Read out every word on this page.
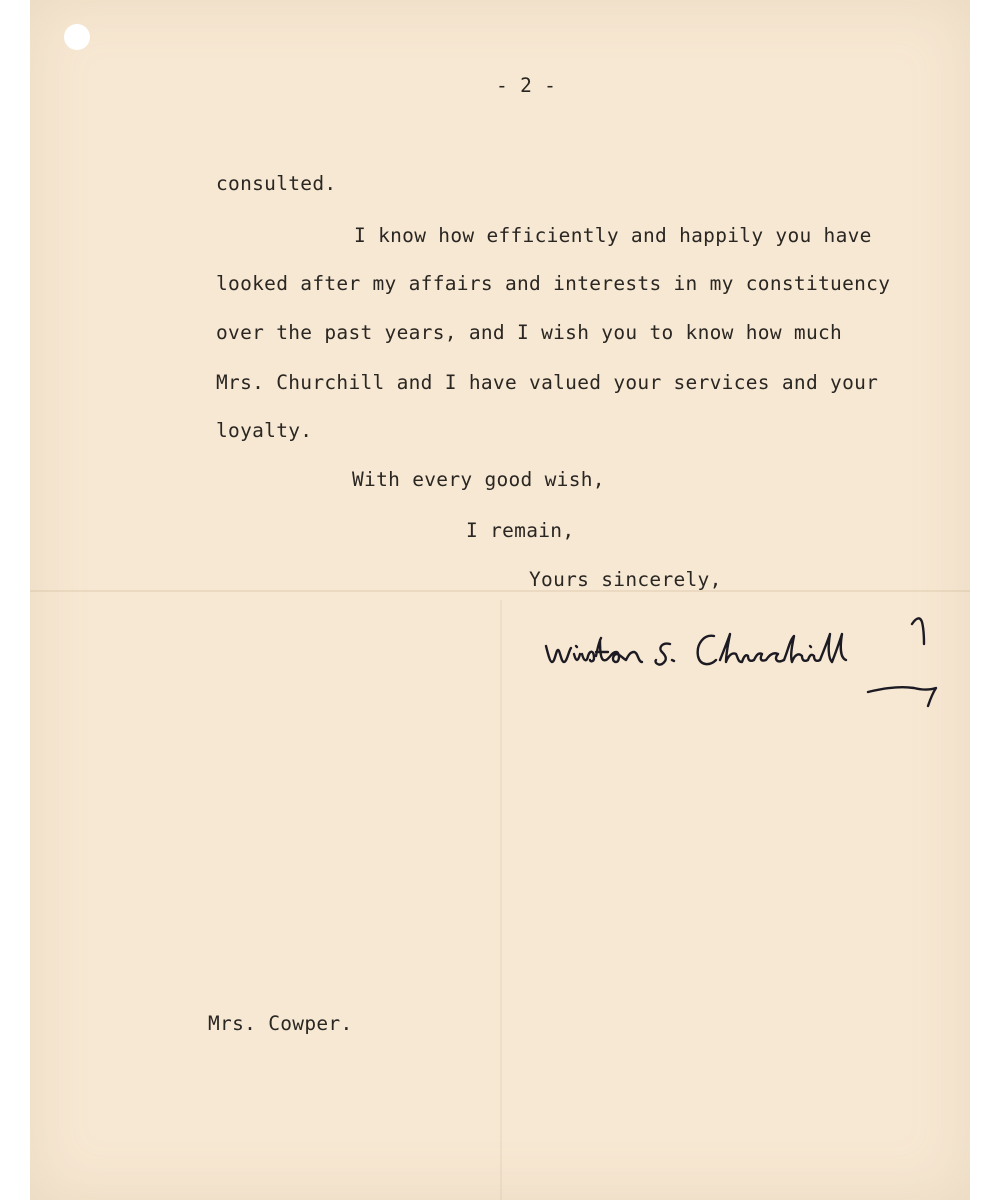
- 2 -
consulted.
I know how efficiently and happily you have
looked after my affairs and interests in my constituency
over the past years, and I wish you to know how much
Mrs. Churchill and I have valued your services and your
loyalty.
With every good wish,
I remain,
Yours sincerely,
Mrs. Cowper.
